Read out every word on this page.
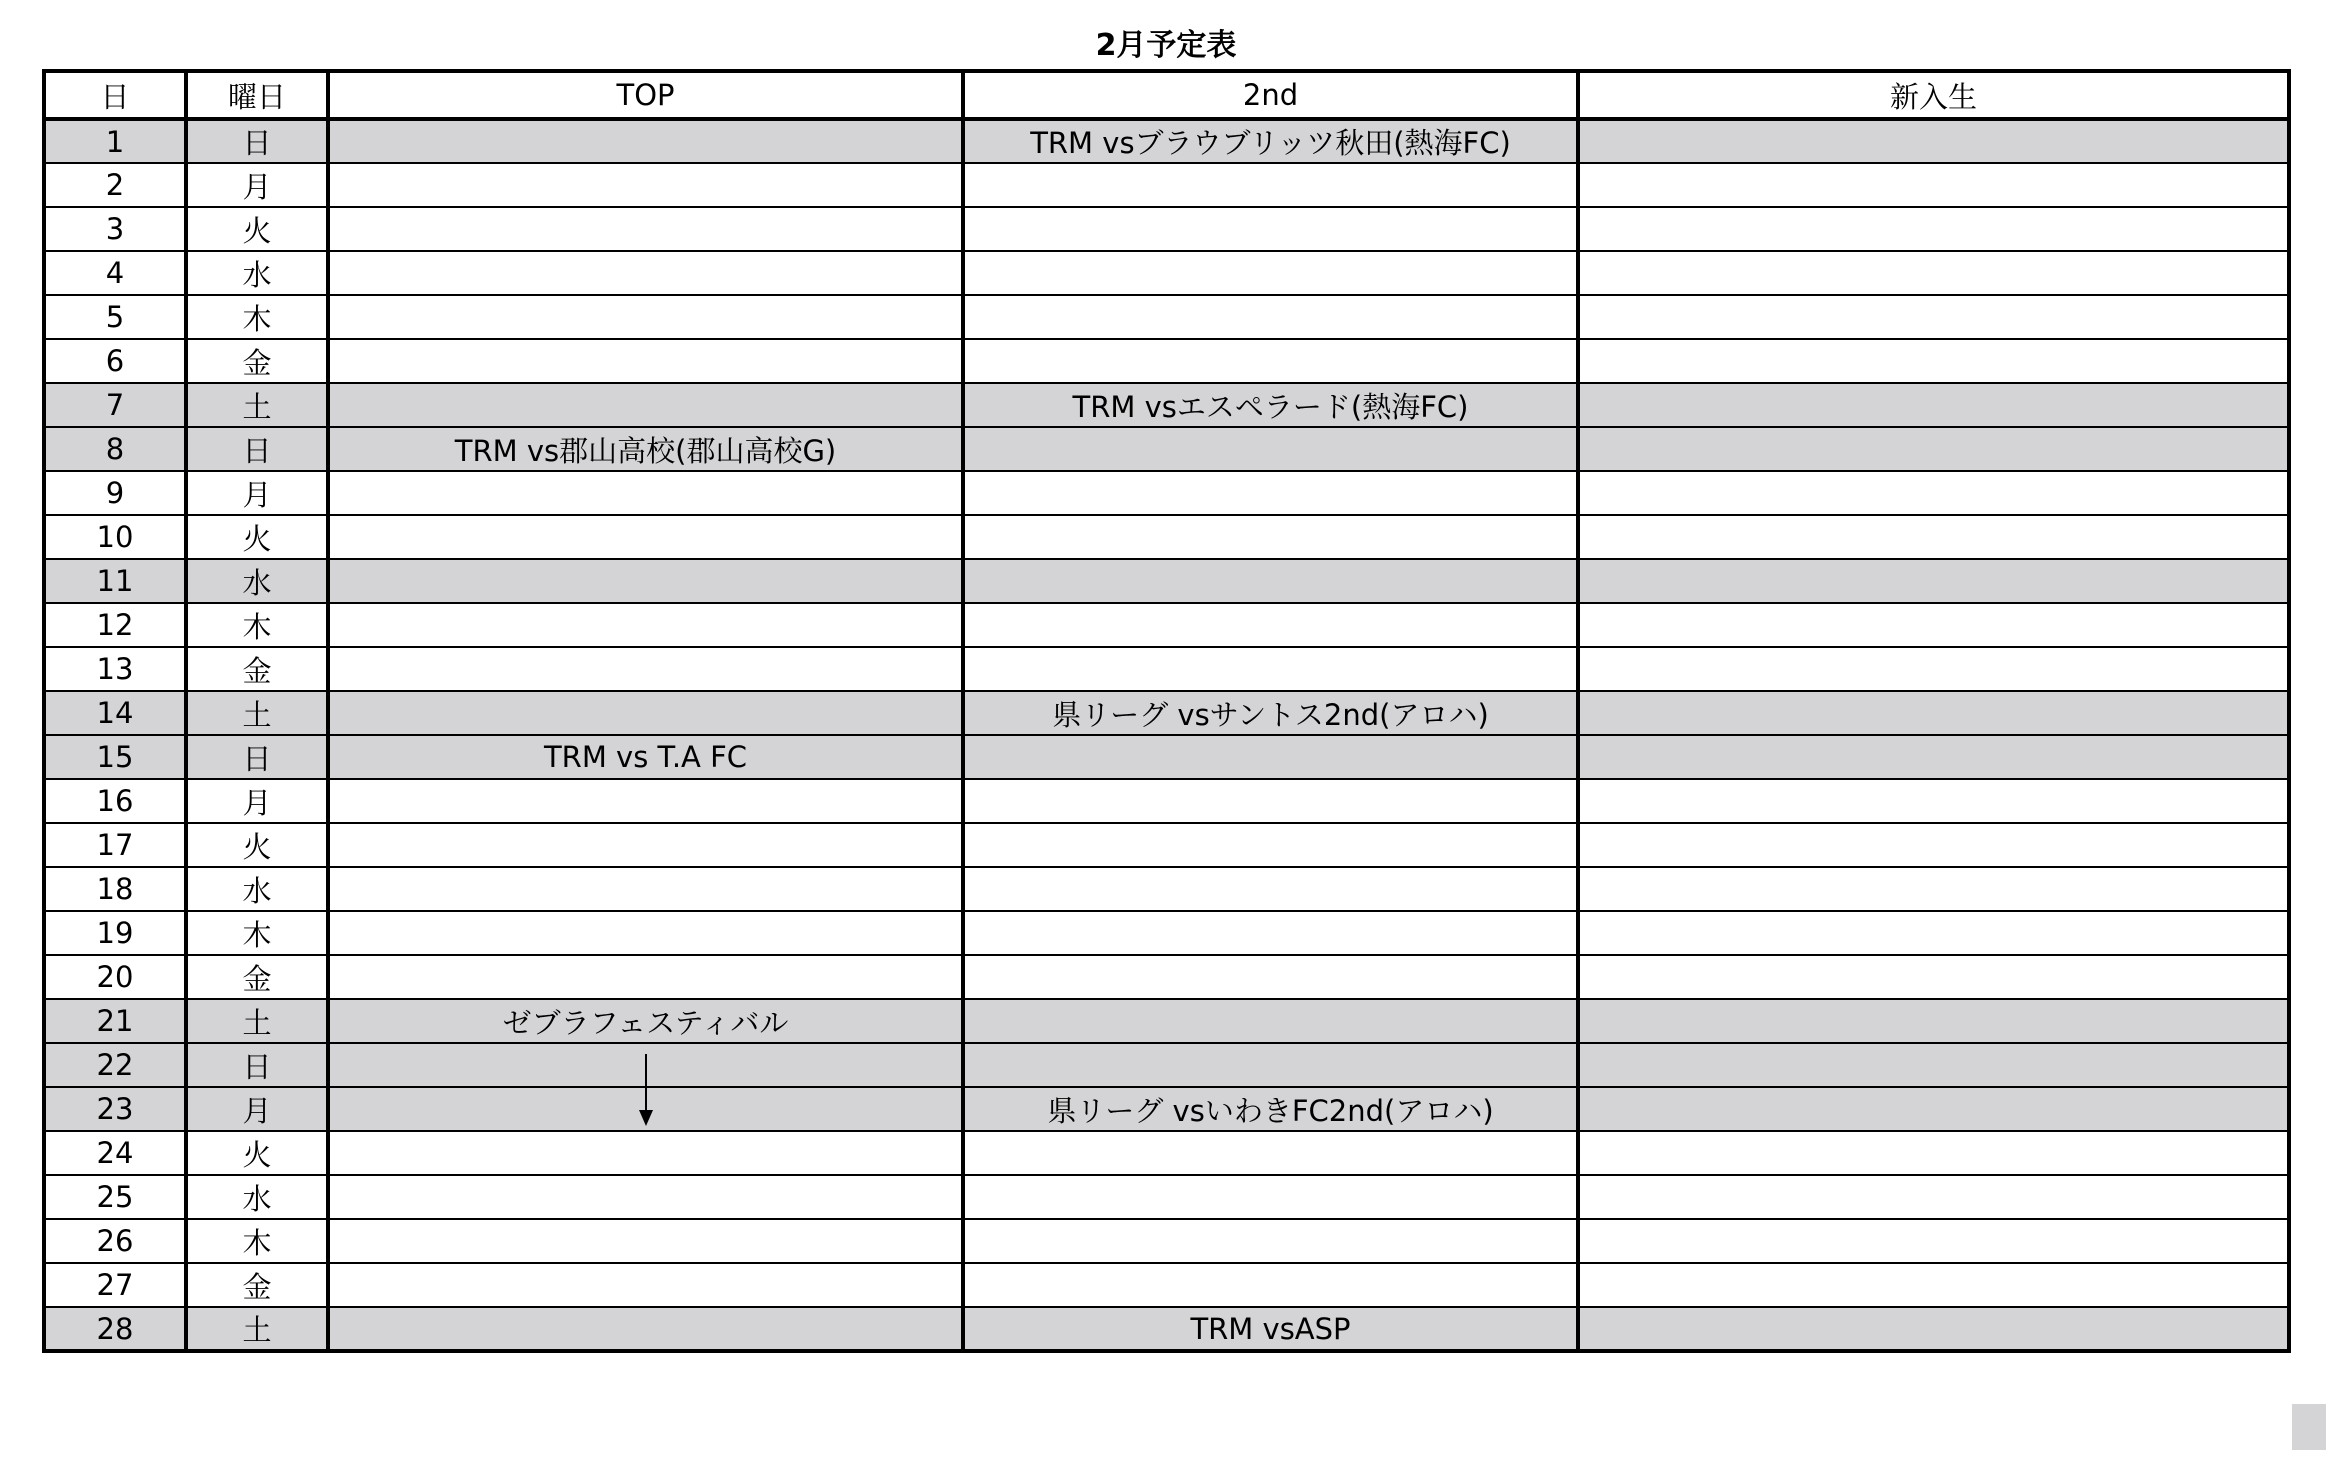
2月予定表
日	曜日	TOP	2nd	新入生
1	日		TRM vsブラウブリッツ秋田(熱海FC)	
2	月			
3	火			
4	水			
5	木			
6	金			
7	土		TRM vsエスペラード(熱海FC)	
8	日	TRM vs郡山高校(郡山高校G)		
9	月			
10	火			
11	水			
12	木			
13	金			
14	土		県リーグ vsサントス2nd(アロハ)	
15	日	TRM vs T.A FC		
16	月			
17	火			
18	水			
19	木			
20	金			
21	土	ゼブラフェスティバル		
22	日	

23	月		県リーグ vsいわきFC2nd(アロハ)	
24	火			
25	水			
26	木			
27	金			
28	土		TRM vsASP	
